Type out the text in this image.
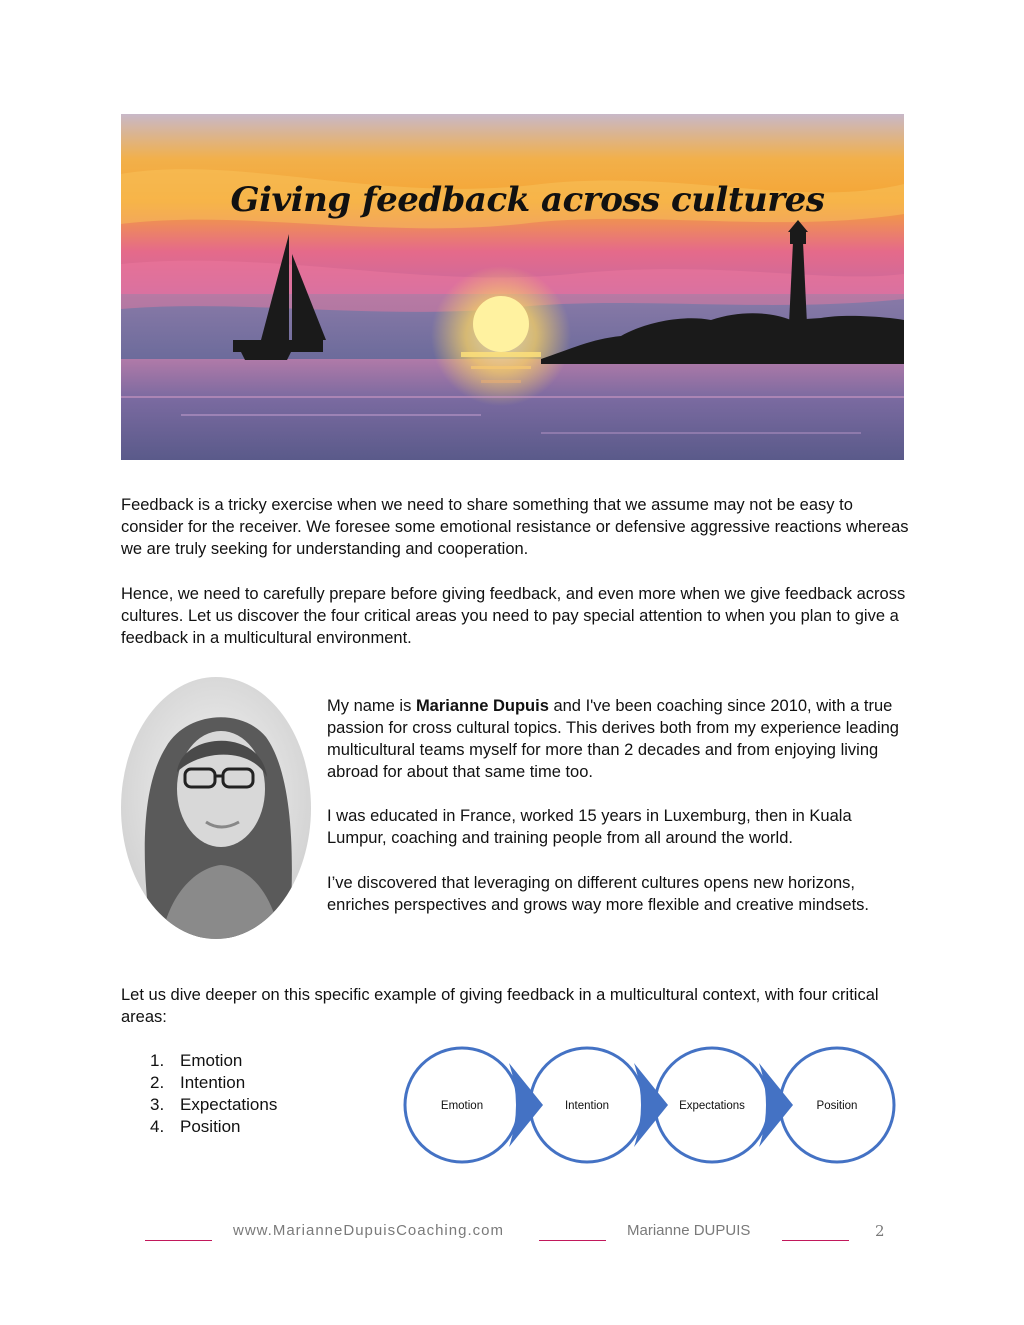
Giving feedback across cultures

Feedback is a tricky exercise when we need to share something that we assume may not be easy to consider for the receiver. We foresee some emotional resistance or defensive aggressive reactions whereas we are truly seeking for understanding and cooperation.

Hence, we need to carefully prepare before giving feedback, and even more when we give feedback across cultures. Let us discover the four critical areas you need to pay special attention to when you plan to give a feedback in a multicultural environment.

My name is Marianne Dupuis and I've been coaching since 2010, with a true passion for cross cultural topics. This derives both from my experience leading multicultural teams myself for more than 2 decades and from enjoying living abroad for about that same time too.

I was educated in France, worked 15 years in Luxemburg, then in Kuala Lumpur, coaching and training people from all around the world.

I’ve discovered that leveraging on different cultures opens new horizons, enriches perspectives and grows way more flexible and creative mindsets.

Let us dive deeper on this specific example of giving feedback in a multicultural context, with four critical areas:

1. Emotion
2. Intention
3. Expectations
4. Position
Emotion	Intention	Expectations	Position
www.MarianneDupuisCoaching.com	Marianne DUPUIS	2
